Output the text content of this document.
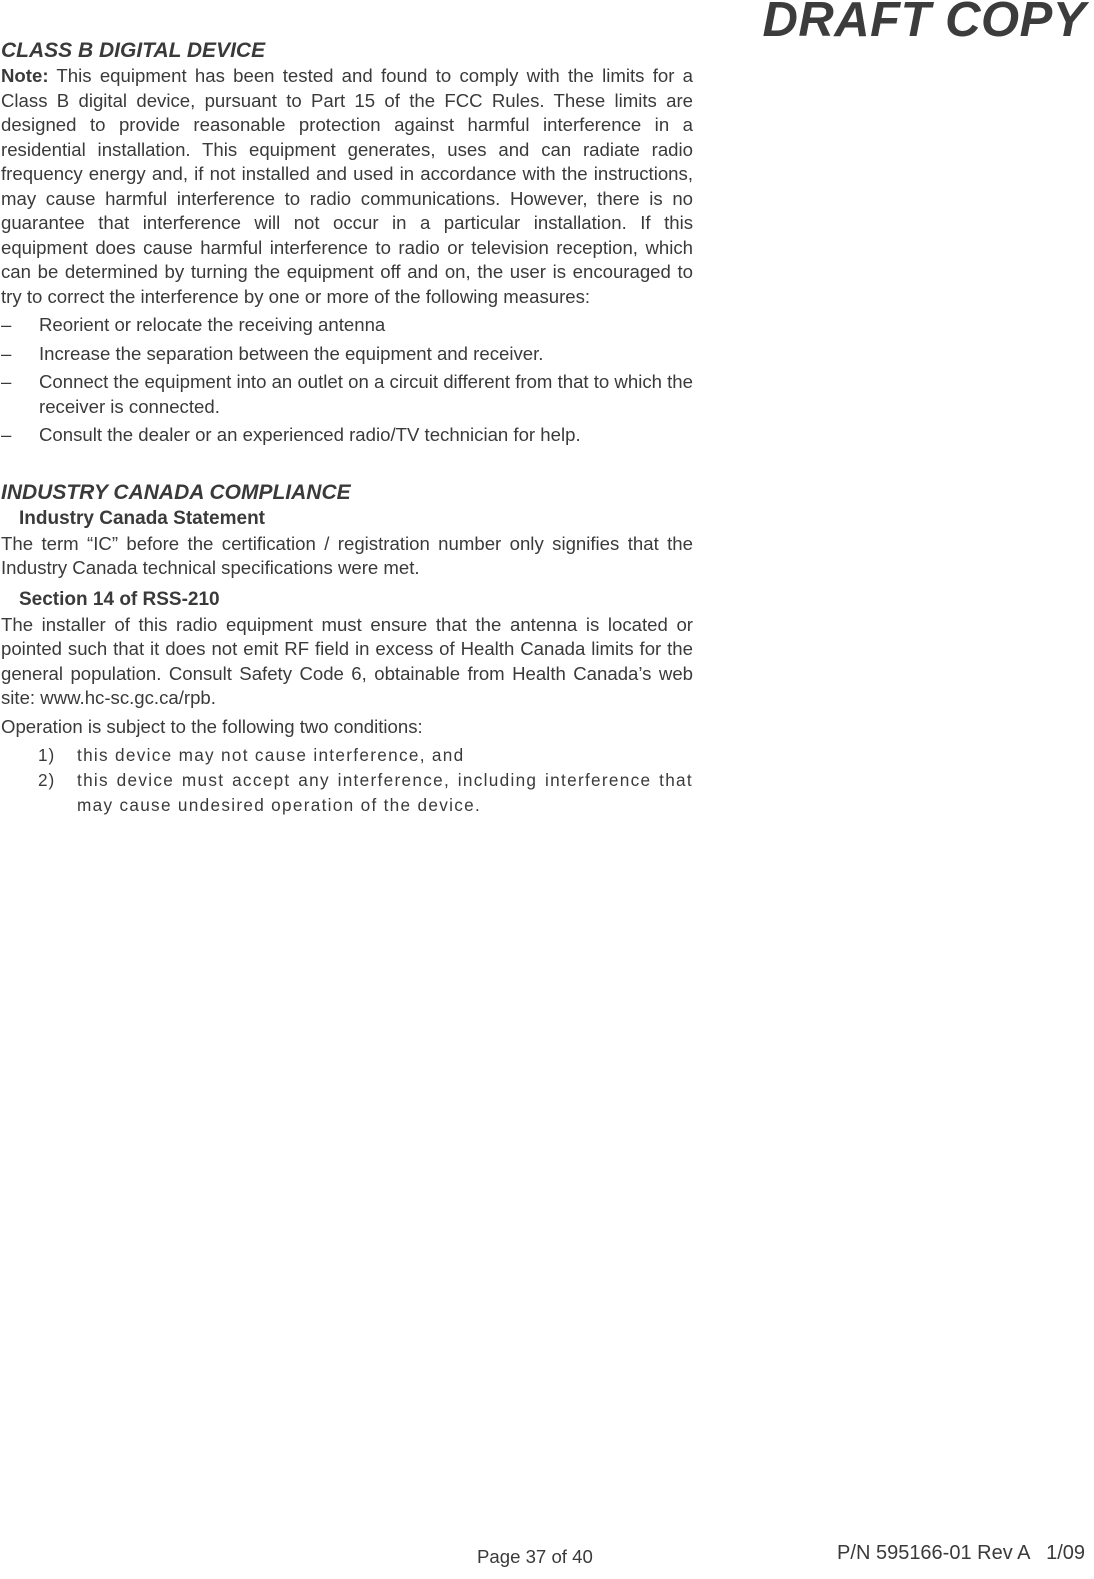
DRAFT COPY
CLASS B DIGITAL DEVICE

Note: This equipment has been tested and found to comply with the limits for a Class B digital device, pursuant to Part 15 of the FCC Rules. These limits are designed to provide reasonable protection against harmful interference in a residential installation. This equipment generates, uses and can radiate radio frequency energy and, if not installed and used in accordance with the instructions, may cause harmful interference to radio communications. However, there is no guarantee that interference will not occur in a particular installation. If this equipment does cause harmful interference to radio or television reception, which can be determined by turning the equipment off and on, the user is encouraged to try to correct the interference by one or more of the following measures:

– Reorient or relocate the receiving antenna
– Increase the separation between the equipment and receiver.
– Connect the equipment into an outlet on a circuit different from that to which the receiver is connected.
– Consult the dealer or an experienced radio/TV technician for help.
INDUSTRY CANADA COMPLIANCE
Industry Canada Statement

The term “IC” before the certification / registration number only signifies that the Industry Canada technical specifications were met.

Section 14 of RSS-210

The installer of this radio equipment must ensure that the antenna is located or pointed such that it does not emit RF field in excess of Health Canada limits for the general population. Consult Safety Code 6, obtainable from Health Canada’s web site: www.hc-sc.gc.ca/rpb.

Operation is subject to the following two conditions:

1) this device may not cause interference, and
2) this device must accept any interference, including interference that may cause undesired operation of the device.
Page 37 of 40	P/N 595166-01 Rev A   1/09
